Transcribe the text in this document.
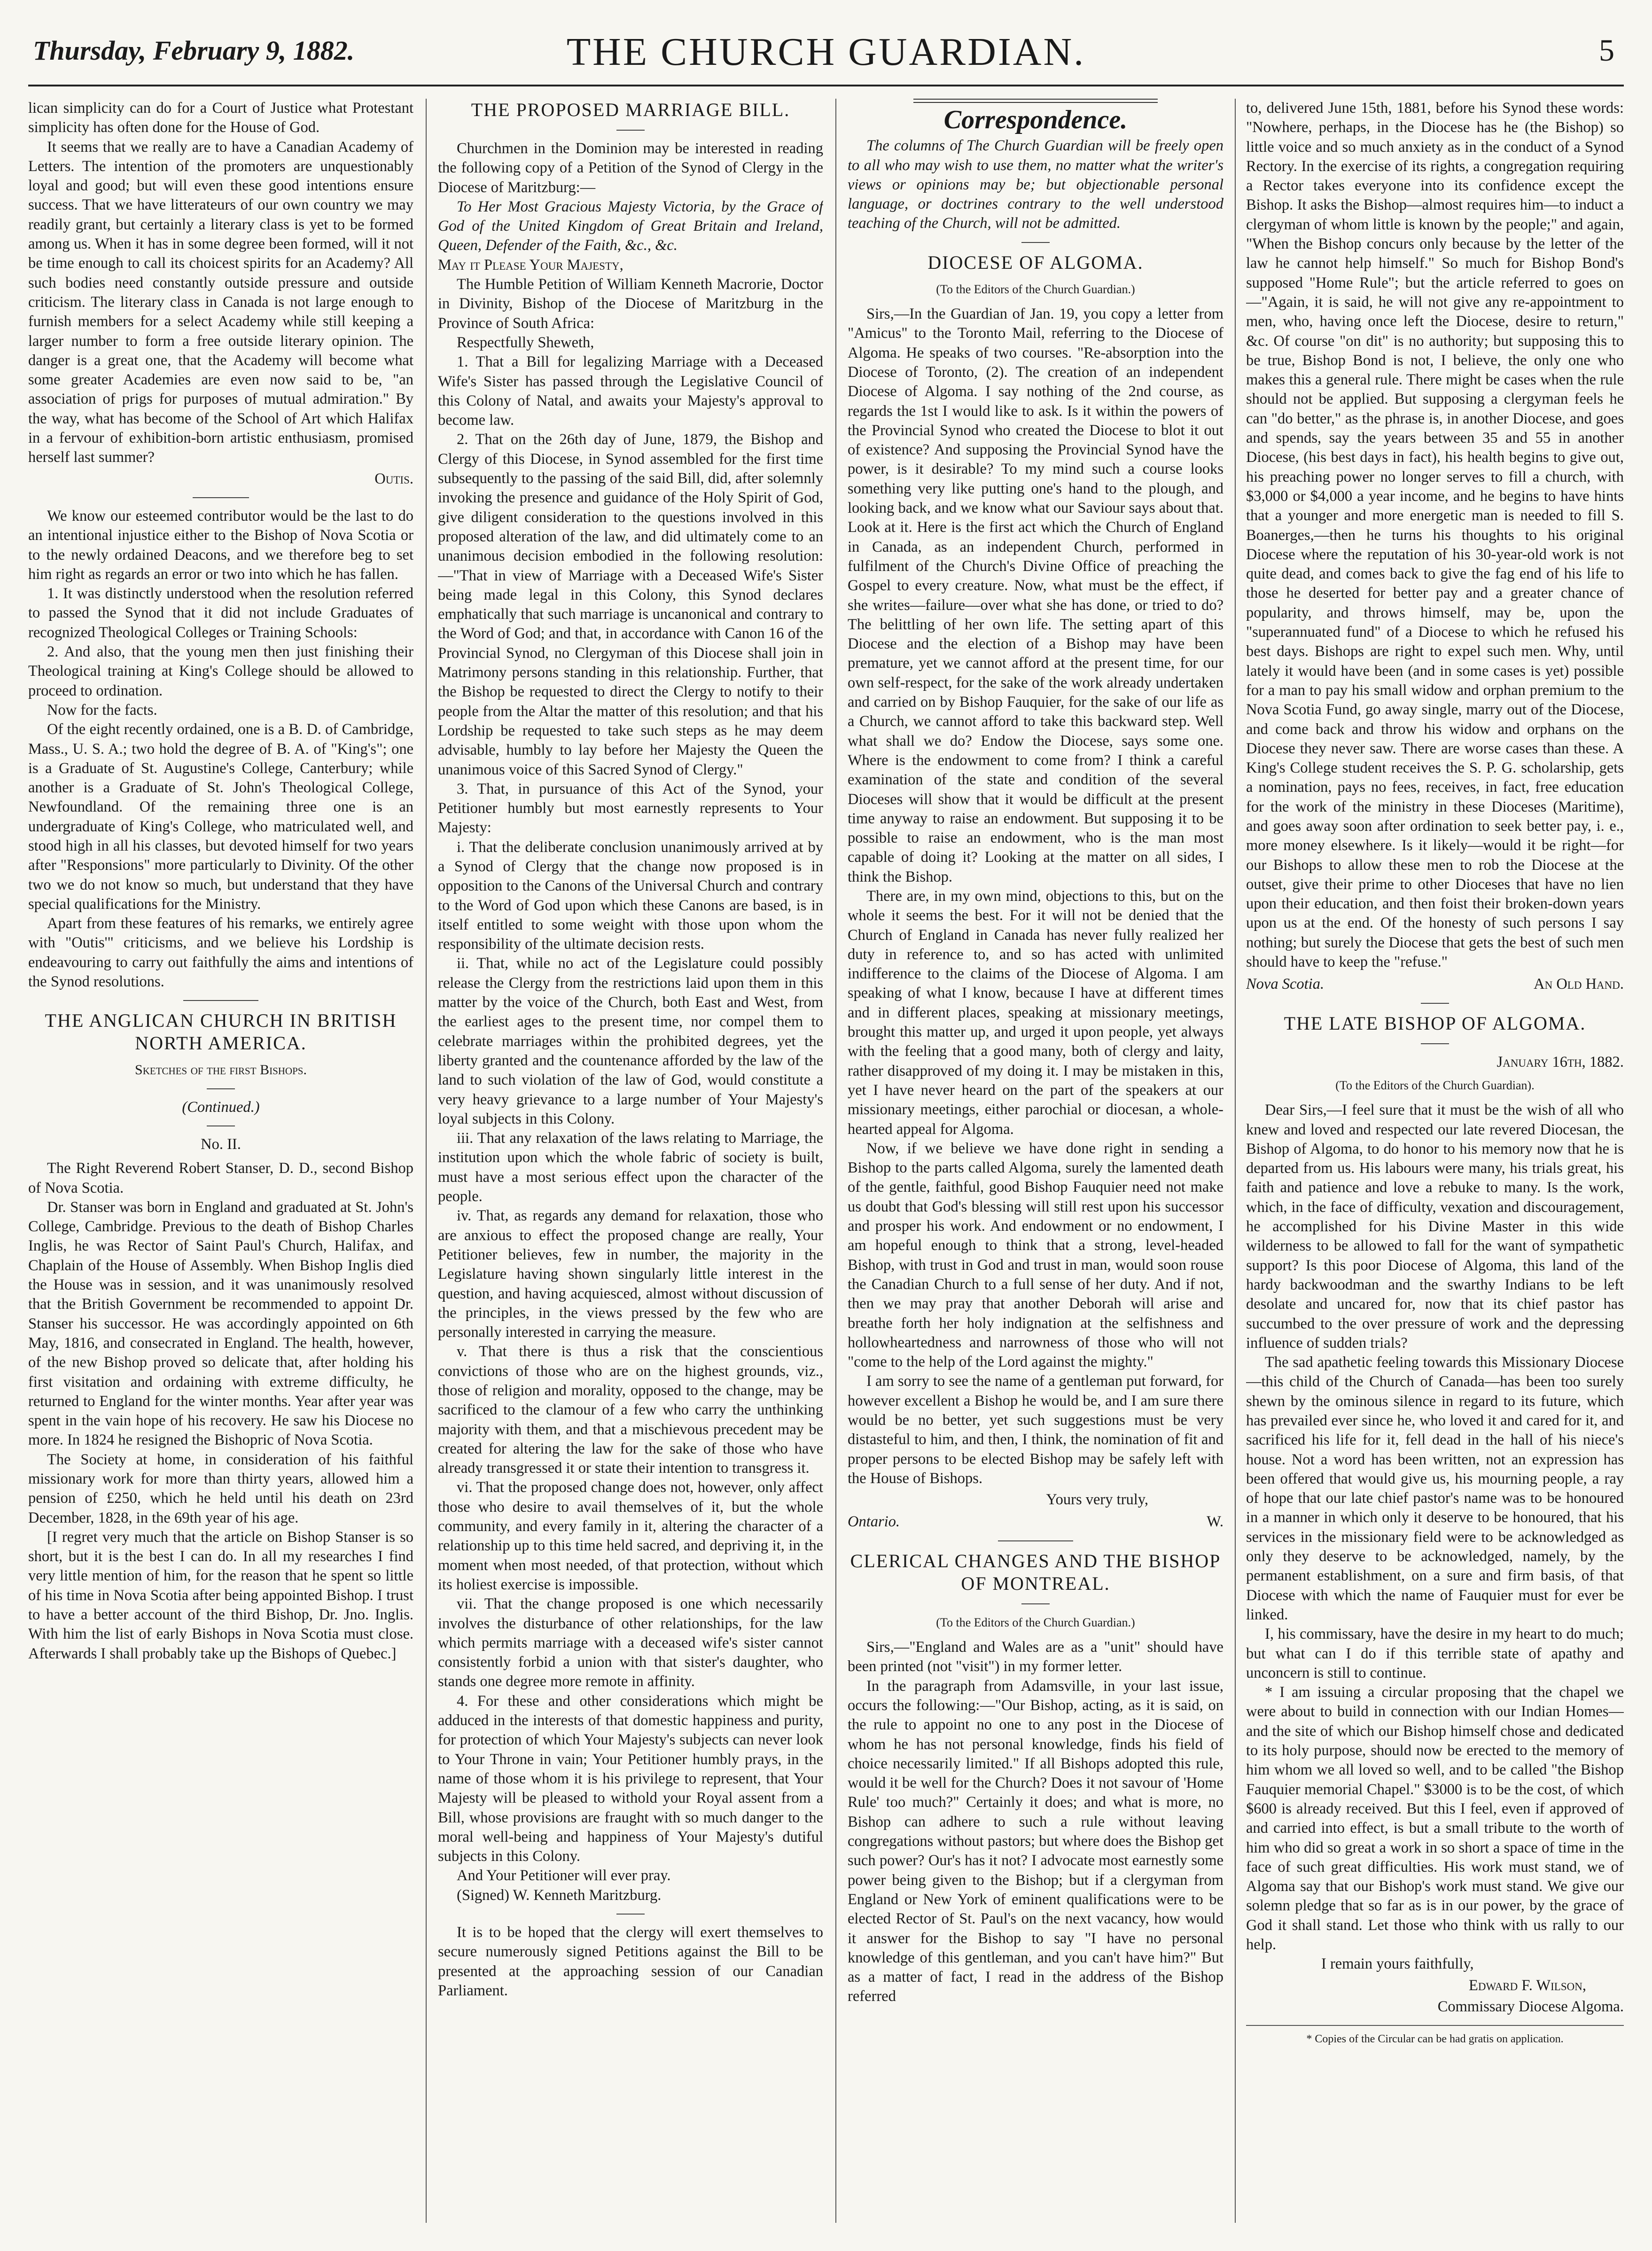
Thursday, February 9, 1882.	THE CHURCH GUARDIAN.	5

lican simplicity can do for a Court of Justice what Protestant simplicity has often done for the House of God.

It seems that we really are to have a Canadian Academy of Letters. The intention of the promoters are unquestionably loyal and good; but will even these good intentions ensure success. That we have litterateurs of our own country we may readily grant, but certainly a literary class is yet to be formed among us. When it has in some degree been formed, will it not be time enough to call its choicest spirits for an Academy? All such bodies need constantly outside pressure and outside criticism. The literary class in Canada is not large enough to furnish members for a select Academy while still keeping a larger number to form a free outside literary opinion. The danger is a great one, that the Academy will become what some greater Academies are even now said to be, "an association of prigs for purposes of mutual admiration." By the way, what has become of the School of Art which Halifax in a fervour of exhibition-born artistic enthusiasm, promised herself last summer?

Outis.

We know our esteemed contributor would be the last to do an intentional injustice either to the Bishop of Nova Scotia or to the newly ordained Deacons, and we therefore beg to set him right as regards an error or two into which he has fallen.

1. It was distinctly understood when the resolution referred to passed the Synod that it did not include Graduates of recognized Theological Colleges or Training Schools:

2. And also, that the young men then just finishing their Theological training at King's College should be allowed to proceed to ordination.

Now for the facts.

Of the eight recently ordained, one is a B. D. of Cambridge, Mass., U. S. A.; two hold the degree of B. A. of "King's"; one is a Graduate of St. Augustine's College, Canterbury; while another is a Graduate of St. John's Theological College, Newfoundland. Of the remaining three one is an undergraduate of King's College, who matriculated well, and stood high in all his classes, but devoted himself for two years after "Responsions" more particularly to Divinity. Of the other two we do not know so much, but understand that they have special qualifications for the Ministry.

Apart from these features of his remarks, we entirely agree with "Outis'" criticisms, and we believe his Lordship is endeavouring to carry out faithfully the aims and intentions of the Synod resolutions.

THE ANGLICAN CHURCH IN BRITISH NORTH AMERICA.
Sketches of the first Bishops.
(Continued.)
No. II.

The Right Reverend Robert Stanser, D. D., second Bishop of Nova Scotia.

Dr. Stanser was born in England and graduated at St. John's College, Cambridge. Previous to the death of Bishop Charles Inglis, he was Rector of Saint Paul's Church, Halifax, and Chaplain of the House of Assembly. When Bishop Inglis died the House was in session, and it was unanimously resolved that the British Government be recommended to appoint Dr. Stanser his successor. He was accordingly appointed on 6th May, 1816, and consecrated in England. The health, however, of the new Bishop proved so delicate that, after holding his first visitation and ordaining with extreme difficulty, he returned to England for the winter months. Year after year was spent in the vain hope of his recovery. He saw his Diocese no more. In 1824 he resigned the Bishopric of Nova Scotia.

The Society at home, in consideration of his faithful missionary work for more than thirty years, allowed him a pension of £250, which he held until his death on 23rd December, 1828, in the 69th year of his age.

[I regret very much that the article on Bishop Stanser is so short, but it is the best I can do. In all my researches I find very little mention of him, for the reason that he spent so little of his time in Nova Scotia after being appointed Bishop. I trust to have a better account of the third Bishop, Dr. Jno. Inglis. With him the list of early Bishops in Nova Scotia must close. Afterwards I shall probably take up the Bishops of Quebec.]

THE PROPOSED MARRIAGE BILL.

Churchmen in the Dominion may be interested in reading the following copy of a Petition of the Synod of Clergy in the Diocese of Maritzburg:—

To Her Most Gracious Majesty Victoria, by the Grace of God of the United Kingdom of Great Britain and Ireland, Queen, Defender of the Faith, &c., &c.

May it Please Your Majesty,

The Humble Petition of William Kenneth Macrorie, Doctor in Divinity, Bishop of the Diocese of Maritzburg in the Province of South Africa:

Respectfully Sheweth,

1. That a Bill for legalizing Marriage with a Deceased Wife's Sister has passed through the Legislative Council of this Colony of Natal, and awaits your Majesty's approval to become law.

2. That on the 26th day of June, 1879, the Bishop and Clergy of this Diocese, in Synod assembled for the first time subsequently to the passing of the said Bill, did, after solemnly invoking the presence and guidance of the Holy Spirit of God, give diligent consideration to the questions involved in this proposed alteration of the law, and did ultimately come to an unanimous decision embodied in the following resolution:—"That in view of Marriage with a Deceased Wife's Sister being made legal in this Colony, this Synod declares emphatically that such marriage is uncanonical and contrary to the Word of God; and that, in accordance with Canon 16 of the Provincial Synod, no Clergyman of this Diocese shall join in Matrimony persons standing in this relationship. Further, that the Bishop be requested to direct the Clergy to notify to their people from the Altar the matter of this resolution; and that his Lordship be requested to take such steps as he may deem advisable, humbly to lay before her Majesty the Queen the unanimous voice of this Sacred Synod of Clergy."

3. That, in pursuance of this Act of the Synod, your Petitioner humbly but most earnestly represents to Your Majesty:

i. That the deliberate conclusion unanimously arrived at by a Synod of Clergy that the change now proposed is in opposition to the Canons of the Universal Church and contrary to the Word of God upon which these Canons are based, is in itself entitled to some weight with those upon whom the responsibility of the ultimate decision rests.

ii. That, while no act of the Legislature could possibly release the Clergy from the restrictions laid upon them in this matter by the voice of the Church, both East and West, from the earliest ages to the present time, nor compel them to celebrate marriages within the prohibited degrees, yet the liberty granted and the countenance afforded by the law of the land to such violation of the law of God, would constitute a very heavy grievance to a large number of Your Majesty's loyal subjects in this Colony.

iii. That any relaxation of the laws relating to Marriage, the institution upon which the whole fabric of society is built, must have a most serious effect upon the character of the people.

iv. That, as regards any demand for relaxation, those who are anxious to effect the proposed change are really, Your Petitioner believes, few in number, the majority in the Legislature having shown singularly little interest in the question, and having acquiesced, almost without discussion of the principles, in the views pressed by the few who are personally interested in carrying the measure.

v. That there is thus a risk that the conscientious convictions of those who are on the highest grounds, viz., those of religion and morality, opposed to the change, may be sacrificed to the clamour of a few who carry the unthinking majority with them, and that a mischievous precedent may be created for altering the law for the sake of those who have already transgressed it or state their intention to transgress it.

vi. That the proposed change does not, however, only affect those who desire to avail themselves of it, but the whole community, and every family in it, altering the character of a relationship up to this time held sacred, and depriving it, in the moment when most needed, of that protection, without which its holiest exercise is impossible.

vii. That the change proposed is one which necessarily involves the disturbance of other relationships, for the law which permits marriage with a deceased wife's sister cannot consistently forbid a union with that sister's daughter, who stands one degree more remote in affinity.

4. For these and other considerations which might be adduced in the interests of that domestic happiness and purity, for protection of which Your Majesty's subjects can never look to Your Throne in vain; Your Petitioner humbly prays, in the name of those whom it is his privilege to represent, that Your Majesty will be pleased to withold your Royal assent from a Bill, whose provisions are fraught with so much danger to the moral well-being and happiness of Your Majesty's dutiful subjects in this Colony.

And Your Petitioner will ever pray.

(Signed) W. Kenneth Maritzburg.

It is to be hoped that the clergy will exert themselves to secure numerously signed Petitions against the Bill to be presented at the approaching session of our Canadian Parliament.

Correspondence.

The columns of The Church Guardian will be freely open to all who may wish to use them, no matter what the writer's views or opinions may be; but objectionable personal language, or doctrines contrary to the well understood teaching of the Church, will not be admitted.

DIOCESE OF ALGOMA.
(To the Editors of the Church Guardian.)

Sirs,—In the Guardian of Jan. 19, you copy a letter from "Amicus" to the Toronto Mail, referring to the Diocese of Algoma. He speaks of two courses. "Re-absorption into the Diocese of Toronto, (2). The creation of an independent Diocese of Algoma. I say nothing of the 2nd course, as regards the 1st I would like to ask. Is it within the powers of the Provincial Synod who created the Diocese to blot it out of existence? And supposing the Provincial Synod have the power, is it desirable? To my mind such a course looks something very like putting one's hand to the plough, and looking back, and we know what our Saviour says about that. Look at it. Here is the first act which the Church of England in Canada, as an independent Church, performed in fulfilment of the Church's Divine Office of preaching the Gospel to every creature. Now, what must be the effect, if she writes—failure—over what she has done, or tried to do? The belittling of her own life. The setting apart of this Diocese and the election of a Bishop may have been premature, yet we cannot afford at the present time, for our own self-respect, for the sake of the work already undertaken and carried on by Bishop Fauquier, for the sake of our life as a Church, we cannot afford to take this backward step. Well what shall we do? Endow the Diocese, says some one. Where is the endowment to come from? I think a careful examination of the state and condition of the several Dioceses will show that it would be difficult at the present time anyway to raise an endowment. But supposing it to be possible to raise an endowment, who is the man most capable of doing it? Looking at the matter on all sides, I think the Bishop.

There are, in my own mind, objections to this, but on the whole it seems the best. For it will not be denied that the Church of England in Canada has never fully realized her duty in reference to, and so has acted with unlimited indifference to the claims of the Diocese of Algoma. I am speaking of what I know, because I have at different times and in different places, speaking at missionary meetings, brought this matter up, and urged it upon people, yet always with the feeling that a good many, both of clergy and laity, rather disapproved of my doing it. I may be mistaken in this, yet I have never heard on the part of the speakers at our missionary meetings, either parochial or diocesan, a whole-hearted appeal for Algoma.

Now, if we believe we have done right in sending a Bishop to the parts called Algoma, surely the lamented death of the gentle, faithful, good Bishop Fauquier need not make us doubt that God's blessing will still rest upon his successor and prosper his work. And endowment or no endowment, I am hopeful enough to think that a strong, level-headed Bishop, with trust in God and trust in man, would soon rouse the Canadian Church to a full sense of her duty. And if not, then we may pray that another Deborah will arise and breathe forth her holy indignation at the selfishness and hollowheartedness and narrowness of those who will not "come to the help of the Lord against the mighty."

I am sorry to see the name of a gentleman put forward, for however excellent a Bishop he would be, and I am sure there would be no better, yet such suggestions must be very distasteful to him, and then, I think, the nomination of fit and proper persons to be elected Bishop may be safely left with the House of Bishops.

Yours very truly,
Ontario.	W.
CLERICAL CHANGES AND THE BISHOP OF MONTREAL.
(To the Editors of the Church Guardian.)

Sirs,—"England and Wales are as a "unit" should have been printed (not "visit") in my former letter.

In the paragraph from Adamsville, in your last issue, occurs the following:—"Our Bishop, acting, as it is said, on the rule to appoint no one to any post in the Diocese of whom he has not personal knowledge, finds his field of choice necessarily limited." If all Bishops adopted this rule, would it be well for the Church? Does it not savour of 'Home Rule' too much?" Certainly it does; and what is more, no Bishop can adhere to such a rule without leaving congregations without pastors; but where does the Bishop get such power? Our's has it not? I advocate most earnestly some power being given to the Bishop; but if a clergyman from England or New York of eminent qualifications were to be elected Rector of St. Paul's on the next vacancy, how would it answer for the Bishop to say "I have no personal knowledge of this gentleman, and you can't have him?" But as a matter of fact, I read in the address of the Bishop referred

to, delivered June 15th, 1881, before his Synod these words: "Nowhere, perhaps, in the Diocese has he (the Bishop) so little voice and so much anxiety as in the conduct of a Synod Rectory. In the exercise of its rights, a congregation requiring a Rector takes everyone into its confidence except the Bishop. It asks the Bishop—almost requires him—to induct a clergyman of whom little is known by the people;" and again, "When the Bishop concurs only because by the letter of the law he cannot help himself." So much for Bishop Bond's supposed "Home Rule"; but the article referred to goes on—"Again, it is said, he will not give any re-appointment to men, who, having once left the Diocese, desire to return," &c. Of course "on dit" is no authority; but supposing this to be true, Bishop Bond is not, I believe, the only one who makes this a general rule. There might be cases when the rule should not be applied. But supposing a clergyman feels he can "do better," as the phrase is, in another Diocese, and goes and spends, say the years between 35 and 55 in another Diocese, (his best days in fact), his health begins to give out, his preaching power no longer serves to fill a church, with $3,000 or $4,000 a year income, and he begins to have hints that a younger and more energetic man is needed to fill S. Boanerges,—then he turns his thoughts to his original Diocese where the reputation of his 30-year-old work is not quite dead, and comes back to give the fag end of his life to those he deserted for better pay and a greater chance of popularity, and throws himself, may be, upon the "superannuated fund" of a Diocese to which he refused his best days. Bishops are right to expel such men. Why, until lately it would have been (and in some cases is yet) possible for a man to pay his small widow and orphan premium to the Nova Scotia Fund, go away single, marry out of the Diocese, and come back and throw his widow and orphans on the Diocese they never saw. There are worse cases than these. A King's College student receives the S. P. G. scholarship, gets a nomination, pays no fees, receives, in fact, free education for the work of the ministry in these Dioceses (Maritime), and goes away soon after ordination to seek better pay, i. e., more money elsewhere. Is it likely—would it be right—for our Bishops to allow these men to rob the Diocese at the outset, give their prime to other Dioceses that have no lien upon their education, and then foist their broken-down years upon us at the end. Of the honesty of such persons I say nothing; but surely the Diocese that gets the best of such men should have to keep the "refuse."

Nova Scotia.	An Old Hand.
THE LATE BISHOP OF ALGOMA.
January 16th, 1882.
(To the Editors of the Church Guardian).

Dear Sirs,—I feel sure that it must be the wish of all who knew and loved and respected our late revered Diocesan, the Bishop of Algoma, to do honor to his memory now that he is departed from us. His labours were many, his trials great, his faith and patience and love a rebuke to many. Is the work, which, in the face of difficulty, vexation and discouragement, he accomplished for his Divine Master in this wide wilderness to be allowed to fall for the want of sympathetic support? Is this poor Diocese of Algoma, this land of the hardy backwoodman and the swarthy Indians to be left desolate and uncared for, now that its chief pastor has succumbed to the over pressure of work and the depressing influence of sudden trials?

The sad apathetic feeling towards this Missionary Diocese—this child of the Church of Canada—has been too surely shewn by the ominous silence in regard to its future, which has prevailed ever since he, who loved it and cared for it, and sacrificed his life for it, fell dead in the hall of his niece's house. Not a word has been written, not an expression has been offered that would give us, his mourning people, a ray of hope that our late chief pastor's name was to be honoured in a manner in which only it deserve to be honoured, that his services in the missionary field were to be acknowledged as only they deserve to be acknowledged, namely, by the permanent establishment, on a sure and firm basis, of that Diocese with which the name of Fauquier must for ever be linked.

I, his commissary, have the desire in my heart to do much; but what can I do if this terrible state of apathy and unconcern is still to continue.

* I am issuing a circular proposing that the chapel we were about to build in connection with our Indian Homes—and the site of which our Bishop himself chose and dedicated to its holy purpose, should now be erected to the memory of him whom we all loved so well, and to be called "the Bishop Fauquier memorial Chapel." $3000 is to be the cost, of which $600 is already received. But this I feel, even if approved of and carried into effect, is but a small tribute to the worth of him who did so great a work in so short a space of time in the face of such great difficulties. His work must stand, we of Algoma say that our Bishop's work must stand. We give our solemn pledge that so far as is in our power, by the grace of God it shall stand. Let those who think with us rally to our help.

I remain yours faithfully,

Edward F. Wilson,
Commissary Diocese Algoma.
* Copies of the Circular can be had gratis on application.
